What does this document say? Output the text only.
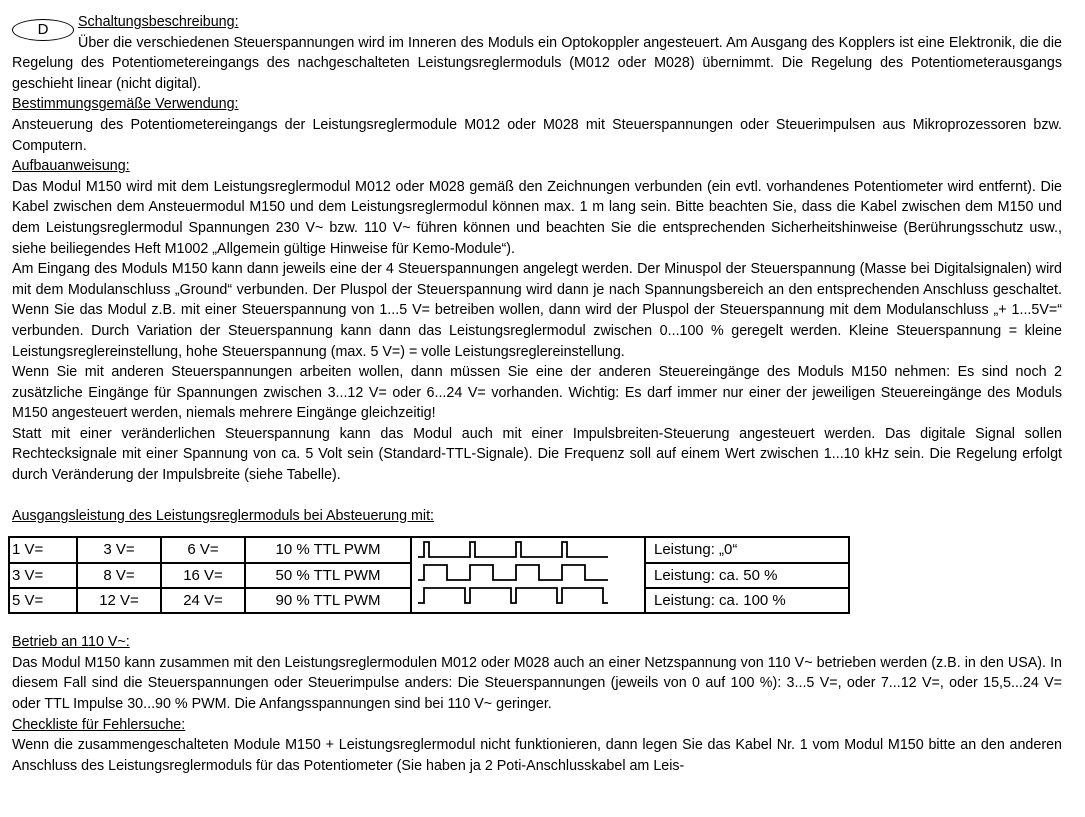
D	Schaltungsbeschreibung:

Über die verschiedenen Steuerspannungen wird im Inneren des Moduls ein Optokoppler angesteuert. Am Ausgang des Kopplers ist eine Elektronik, die die Regelung des Potentiometereingangs des nachgeschalteten Leistungsreglermoduls (M012 oder M028) übernimmt. Die Regelung des Potentiometerausgangs geschieht linear (nicht digital).

Bestimmungsgemäße Verwendung:

Ansteuerung des Potentiometereingangs der Leistungsreglermodule M012 oder M028 mit Steuerspannungen oder Steuerimpulsen aus Mikroprozessoren bzw. Computern.

Aufbauanweisung:

Das Modul M150 wird mit dem Leistungsreglermodul M012 oder M028 gemäß den Zeichnungen verbunden (ein evtl. vorhandenes Potentiometer wird entfernt). Die Kabel zwischen dem Ansteuermodul M150 und dem Leistungsreglermodul können max. 1 m lang sein. Bitte beachten Sie, dass die Kabel zwischen dem M150 und dem Leistungsreglermodul Spannungen 230 V~ bzw. 110 V~ führen können und beachten Sie die entsprechenden Sicherheitshinweise (Berührungsschutz usw., siehe beiliegendes Heft M1002 „Allgemein gültige Hinweise für Kemo-Module“).

Am Eingang des Moduls M150 kann dann jeweils eine der 4 Steuerspannungen angelegt werden. Der Minuspol der Steuerspannung (Masse bei Digitalsignalen) wird mit dem Modulanschluss „Ground“ verbunden. Der Pluspol der Steuerspannung wird dann je nach Spannungsbereich an den entsprechenden Anschluss geschaltet. Wenn Sie das Modul z.B. mit einer Steuerspannung von 1...5 V= betreiben wollen, dann wird der Pluspol der Steuerspannung mit dem Modulanschluss „+ 1...5V=“ verbunden. Durch Variation der Steuerspannung kann dann das Leistungsreglermodul zwischen 0...100 % geregelt werden. Kleine Steuerspannung = kleine Leistungsreglereinstellung, hohe Steuerspannung (max. 5 V=) = volle Leistungsreglereinstellung.

Wenn Sie mit anderen Steuerspannungen arbeiten wollen, dann müssen Sie eine der anderen Steuereingänge des Moduls M150 nehmen: Es sind noch 2 zusätzliche Eingänge für Spannungen zwischen 3...12 V= oder 6...24 V= vorhanden. Wichtig: Es darf immer nur einer der jeweiligen Steuereingänge des Moduls M150 angesteuert werden, niemals mehrere Eingänge gleichzeitig!

Statt mit einer veränderlichen Steuerspannung kann das Modul auch mit einer Impulsbreiten-Steuerung angesteuert werden. Das digitale Signal sollen Rechtecksignale mit einer Spannung von ca. 5 Volt sein (Standard-TTL-Signale). Die Frequenz soll auf einem Wert zwischen 1...10 kHz sein. Die Regelung erfolgt durch Veränderung der Impulsbreite (siehe Tabelle).

Ausgangsleistung des Leistungsreglermoduls bei Absteuerung mit:

1 V=	3 V=	6 V=	10 % TTL PWM		Leistung: „0“
3 V=	8 V=	16 V=	50 % TTL PWM		Leistung: ca. 50 %
5 V=	12 V=	24 V=	90 % TTL PWM		Leistung: ca. 100 %

Betrieb an 110 V~:

Das Modul M150 kann zusammen mit den Leistungsreglermodulen M012 oder M028 auch an einer Netzspannung von 110 V~ betrieben werden (z.B. in den USA). In diesem Fall sind die Steuerspannungen oder Steuerimpulse anders: Die Steuerspannungen (jeweils von 0 auf 100 %): 3...5 V=, oder 7...12 V=, oder 15,5...24 V= oder TTL Impulse 30...90 % PWM. Die Anfangsspannungen sind bei 110 V~ geringer.

Checkliste für Fehlersuche:

Wenn die zusammengeschalteten Module M150 + Leistungsreglermodul nicht funktionieren, dann legen Sie das Kabel Nr. 1 vom Modul M150 bitte an den anderen Anschluss des Leistungsreglermoduls für das Potentiometer (Sie haben ja 2 Poti-Anschlusskabel am Leis-
